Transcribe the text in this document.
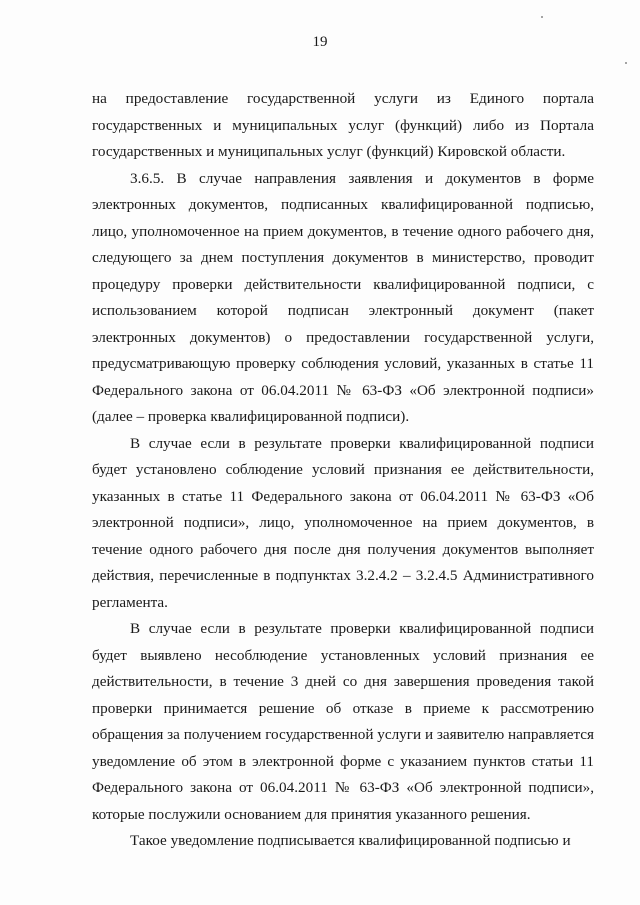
19

на предоставление государственной услуги из Единого портала государственных и муниципальных услуг (функций) либо из Портала государственных и муниципальных услуг (функций) Кировской области.

3.6.5. В случае направления заявления и документов в форме электронных документов, подписанных квалифицированной подписью, лицо, уполномоченное на прием документов, в течение одного рабочего дня, следующего за днем поступления документов в министерство, проводит процедуру проверки действительности квалифицированной подписи, с использованием которой подписан электронный документ (пакет электронных документов) о предоставлении государственной услуги, предусматривающую проверку соблюдения условий, указанных в статье 11 Федерального закона от 06.04.2011 № 63-ФЗ «Об электронной подписи» (далее – проверка квалифицированной подписи).

В случае если в результате проверки квалифицированной подписи будет установлено соблюдение условий признания ее действительности, указанных в статье 11 Федерального закона от 06.04.2011 № 63-ФЗ «Об электронной подписи», лицо, уполномоченное на прием документов, в течение одного рабочего дня после дня получения документов выполняет действия, перечисленные в подпунктах 3.2.4.2 – 3.2.4.5 Административного регламента.

В случае если в результате проверки квалифицированной подписи будет выявлено несоблюдение установленных условий признания ее действительности, в течение 3 дней со дня завершения проведения такой проверки принимается решение об отказе в приеме к рассмотрению обращения за получением государственной услуги и заявителю направляется уведомление об этом в электронной форме с указанием пунктов статьи 11 Федерального закона от 06.04.2011 № 63-ФЗ «Об электронной подписи», которые послужили основанием для принятия указанного решения.

Такое уведомление подписывается квалифицированной подписью и
